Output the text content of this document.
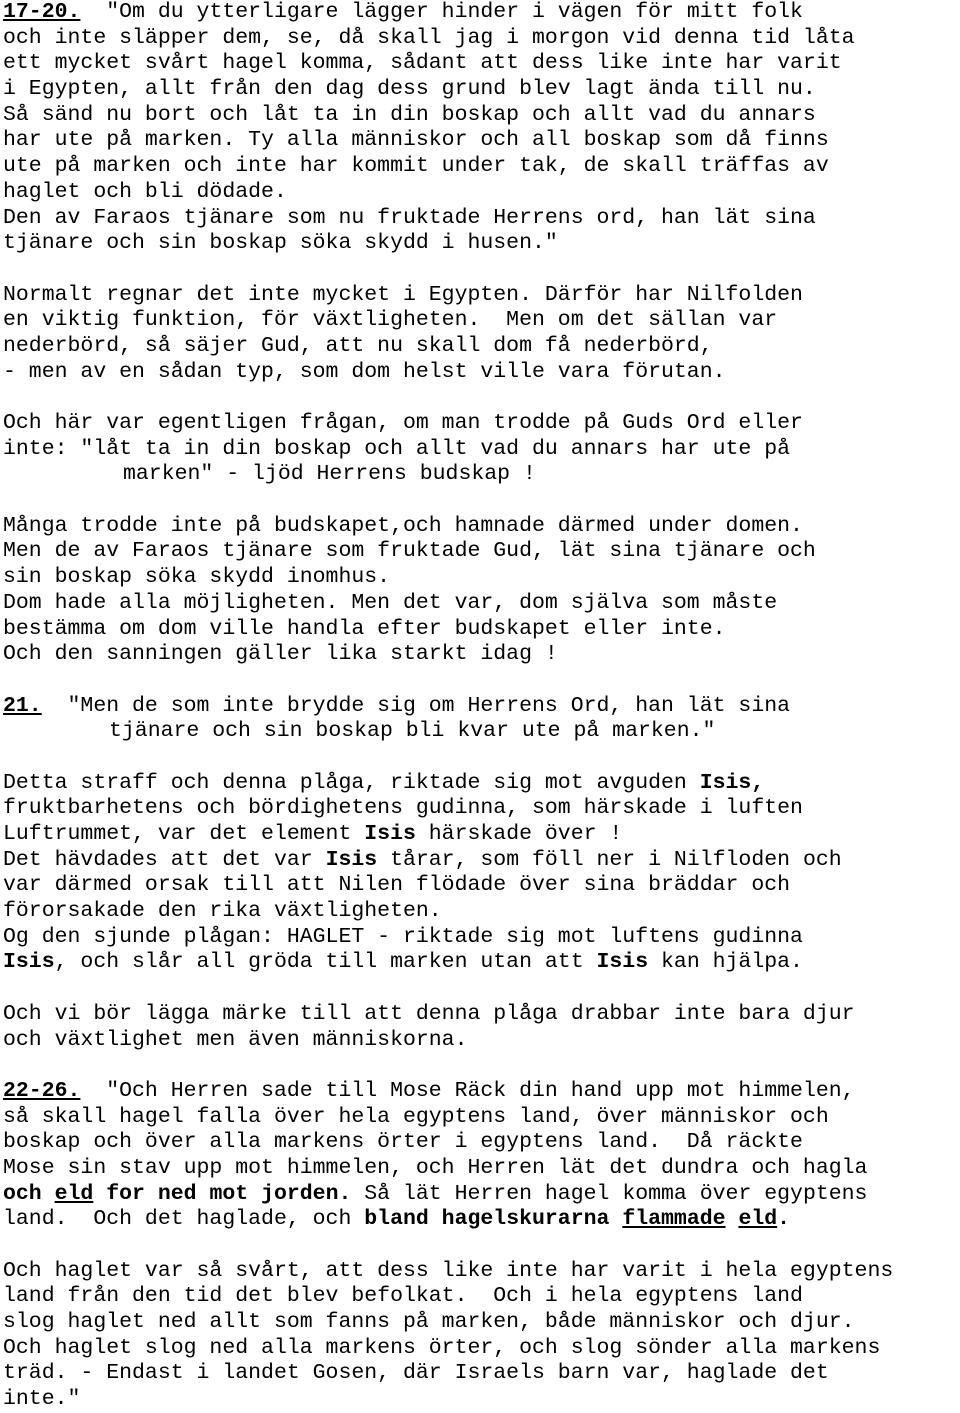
17-20.  "Om du ytterligare lägger hinder i vägen för mitt folk
och inte släpper dem, se, då skall jag i morgon vid denna tid låta
ett mycket svårt hagel komma, sådant att dess like inte har varit
i Egypten, allt från den dag dess grund blev lagt ända till nu.
Så sänd nu bort och låt ta in din boskap och allt vad du annars
har ute på marken. Ty alla människor och all boskap som då finns
ute på marken och inte har kommit under tak, de skall träffas av
haglet och bli dödade.
Den av Faraos tjänare som nu fruktade Herrens ord, han lät sina
tjänare och sin boskap söka skydd i husen."
Normalt regnar det inte mycket i Egypten. Därför har Nilfolden
en viktig funktion, för växtligheten.  Men om det sällan var
nederbörd, så säjer Gud, att nu skall dom få nederbörd,
- men av en sådan typ, som dom helst ville vara förutan.
Och här var egentligen frågan, om man trodde på Guds Ord eller
inte: "låt ta in din boskap och allt vad du annars har ute på
marken" - ljöd Herrens budskap !
Många trodde inte på budskapet,och hamnade därmed under domen.
Men de av Faraos tjänare som fruktade Gud, lät sina tjänare och
sin boskap söka skydd inomhus.
Dom hade alla möjligheten. Men det var, dom själva som måste
bestämma om dom ville handla efter budskapet eller inte.
Och den sanningen gäller lika starkt idag !
21.  "Men de som inte brydde sig om Herrens Ord, han lät sina
tjänare och sin boskap bli kvar ute på marken."
Detta straff och denna plåga, riktade sig mot avguden Isis,
fruktbarhetens och bördighetens gudinna, som härskade i luften
Luftrummet, var det element Isis härskade över !
Det hävdades att det var Isis tårar, som föll ner i Nilfloden och
var därmed orsak till att Nilen flödade över sina bräddar och
förorsakade den rika växtligheten.
Og den sjunde plågan: HAGLET - riktade sig mot luftens gudinna
Isis, och slår all gröda till marken utan att Isis kan hjälpa.
Och vi bör lägga märke till att denna plåga drabbar inte bara djur
och växtlighet men även människorna.
22-26.  "Och Herren sade till Mose Räck din hand upp mot himmelen,
så skall hagel falla över hela egyptens land, över människor och
boskap och över alla markens örter i egyptens land.  Då räckte
Mose sin stav upp mot himmelen, och Herren lät det dundra och hagla
och eld for ned mot jorden. Så lät Herren hagel komma över egyptens
land.  Och det haglade, och bland hagelskurarna flammade eld.
Och haglet var så svårt, att dess like inte har varit i hela egyptens
land från den tid det blev befolkat.  Och i hela egyptens land
slog haglet ned allt som fanns på marken, både människor och djur.
Och haglet slog ned alla markens örter, och slog sönder alla markens
träd. - Endast i landet Gosen, där Israels barn var, haglade det
inte."
